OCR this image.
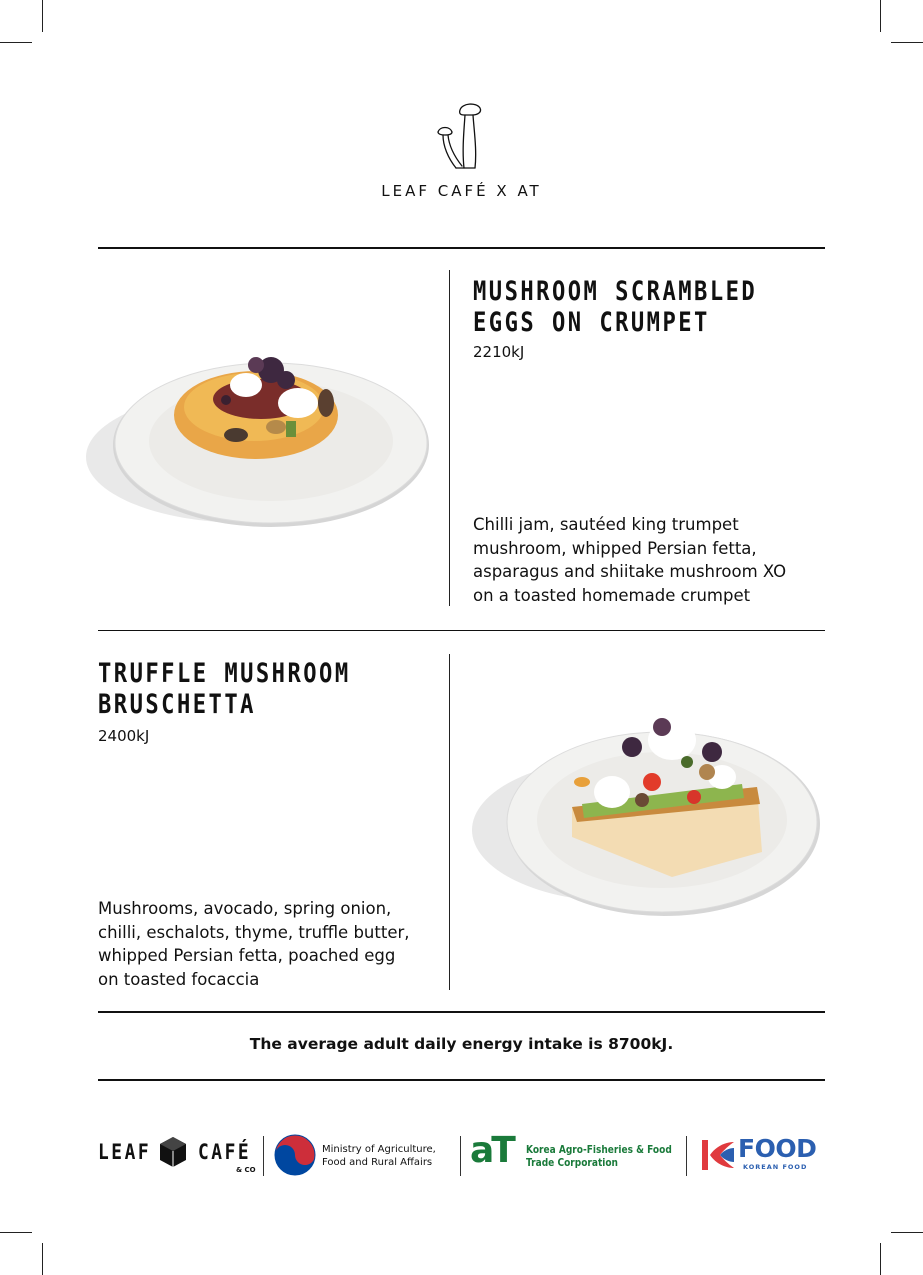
LEAF CAFÉ X AT
MUSHROOM SCRAMBLED
EGGS ON CRUMPET
2210kJ
Chilli jam, sautéed king trumpet
mushroom, whipped Persian fetta,
asparagus and shiitake mushroom XO
on a toasted homemade crumpet
TRUFFLE MUSHROOM
BRUSCHETTA
2400kJ
Mushrooms, avocado, spring onion,
chilli, eschalots, thyme, truffle butter,
whipped Persian fetta, poached egg
on toasted focaccia
The average adult daily energy intake is 8700kJ.
LEAF CAFÉ
& CO
Ministry of Agriculture,
Food and Rural Affairs aT Korea Agro-Fisheries & Food
Trade Corporation	FOOD
KOREAN FOOD
